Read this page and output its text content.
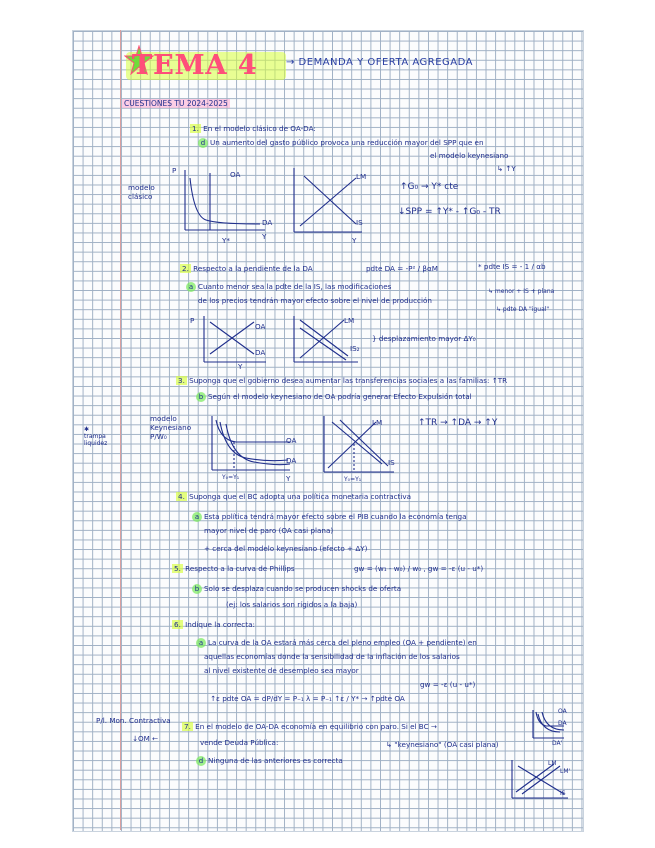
TEMA 4	→ DEMANDA Y OFERTA AGREGADA
CUESTIONES TU 2024-2025
1. En el modelo clásico de OA-DA:
d Un aumento del gasto público provoca una reducción mayor del SPP que en
el modelo keynesiano
↳ ↑Y
modelo clásico
P	OA
DA
Y*	Y
LM
IS
Y
↑G₀ → Y* cte
↓SPP = ↑Y* - ↑G₀ - TR
2. Respecto a la pendiente de la DA	pdte DA = -P² / βαM	* pdte IS = - 1 / αb
a Cuanto menor sea la pdte de la IS, las modificaciones
de los precios tendrán mayor efecto sobre el nivel de producción
↳ menor + IS + plana
↳ pdte DA "igual"
P
OA
DA
Y
LM
IS₂
} desplazamiento mayor ΔY₀
3. Suponga que el gobierno desea aumentar las transferencias sociales a las familias: ↑TR
b Según el modelo keynesiano de OA podría generar Efecto Expulsión total
modelo Keynesiano P/W₀
✱
trampa liquidez	OA
DA
Y₀=Y₁	Y
LM
IS
Y₀=Y₁
↑TR → ↑DA → ↑Y
4. Suponga que el BC adopta una política monetaria contractiva
a Esta política tendrá mayor efecto sobre el PIB cuando la economía tenga
mayor nivel de paro (OA casi plana)
+ cerca del modelo keynesiano (efecto + ΔY)
5. Respecto a la curva de Phillips	gw = (w₁ - w₀) / w₀ , gw = -ε (u - u*)
b Solo se desplaza cuando se producen shocks de oferta
(ej: los salarios son rígidos a la baja)
6. Indique la correcta:
a La curva de la OA estará más cerca del pleno empleo (OA + pendiente) en
aquellas economías donde la sensibilidad de la inflación de los salarios
al nivel existente de desempleo sea mayor
gw = -ε (u - u*)
↑ε pdte OA = dP/dY = P₋₁ λ = P₋₁ ↑ε / Y* → ↑pdte OA
P/l. Mon. Contractiva
↓OM ←
7. En el modelo de OA-DA economía en equilibrio con paro. Si el BC →
vende Deuda Pública:	↳ "keynesiano" (OA casi plana)
d Ninguna de las anteriores es correcta
OA
DA
DA'
LM
LM'
IS
